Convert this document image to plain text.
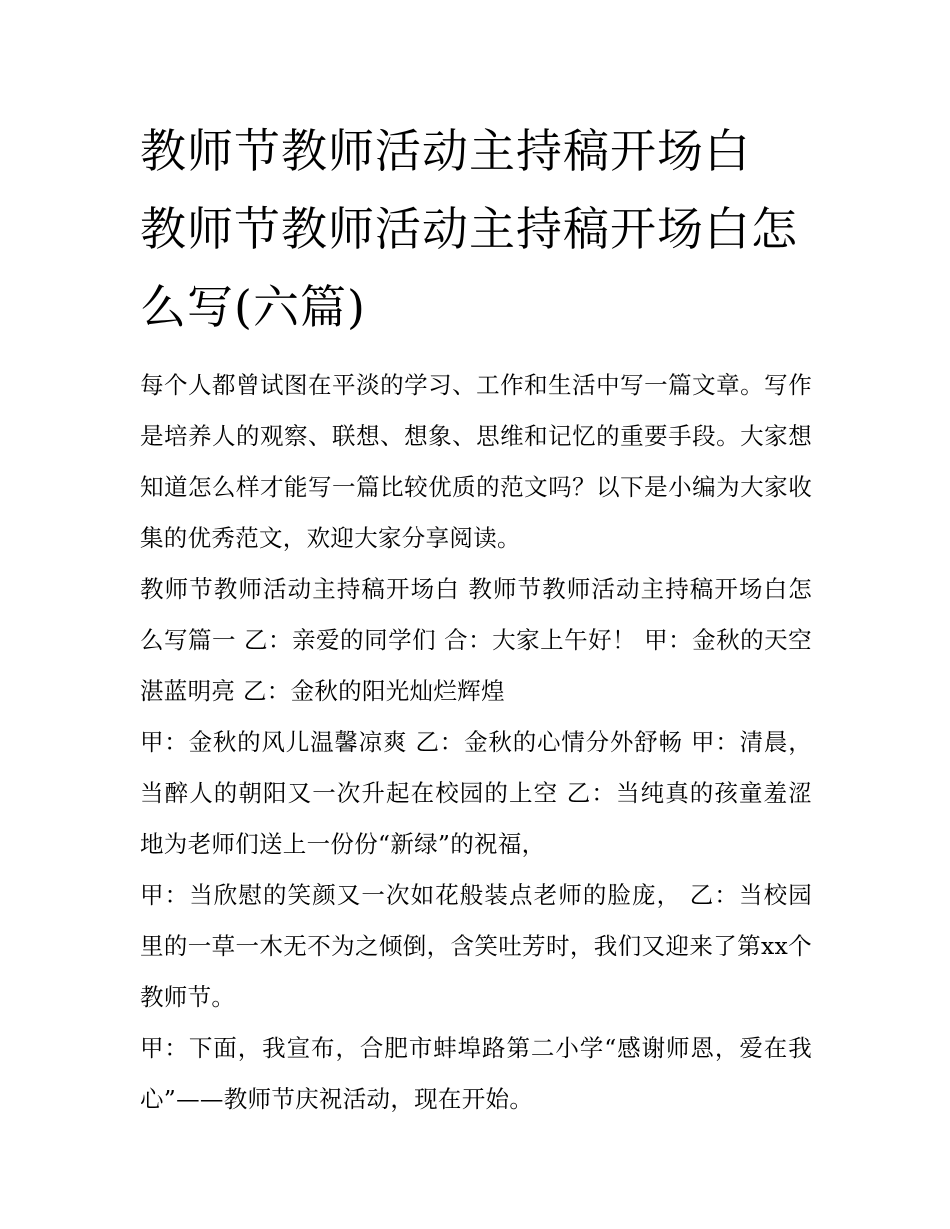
教师节教师活动主持稿开场白 教师节教师活动主持稿开场白怎么写(六篇)

每个人都曾试图在平淡的学习、工作和生活中写一篇文章。写作是培养人的观察、联想、想象、思维和记忆的重要手段。大家想知道怎么样才能写一篇比较优质的范文吗？以下是小编为大家收集的优秀范文，欢迎大家分享阅读。

教师节教师活动主持稿开场白 教师节教师活动主持稿开场白怎么写篇一 乙：亲爱的同学们 合：大家上午好！ 甲：金秋的天空湛蓝明亮 乙：金秋的阳光灿烂辉煌

甲：金秋的风儿温馨凉爽 乙：金秋的心情分外舒畅 甲：清晨，当醉人的朝阳又一次升起在校园的上空 乙：当纯真的孩童羞涩地为老师们送上一份份“新绿”的祝福，

甲：当欣慰的笑颜又一次如花般装点老师的脸庞， 乙：当校园里的一草一木无不为之倾倒，含笑吐芳时，我们又迎来了第xx个教师节。

甲：下面，我宣布，合肥市蚌埠路第二小学“感谢师恩，爱在我心”——教师节庆祝活动，现在开始。
